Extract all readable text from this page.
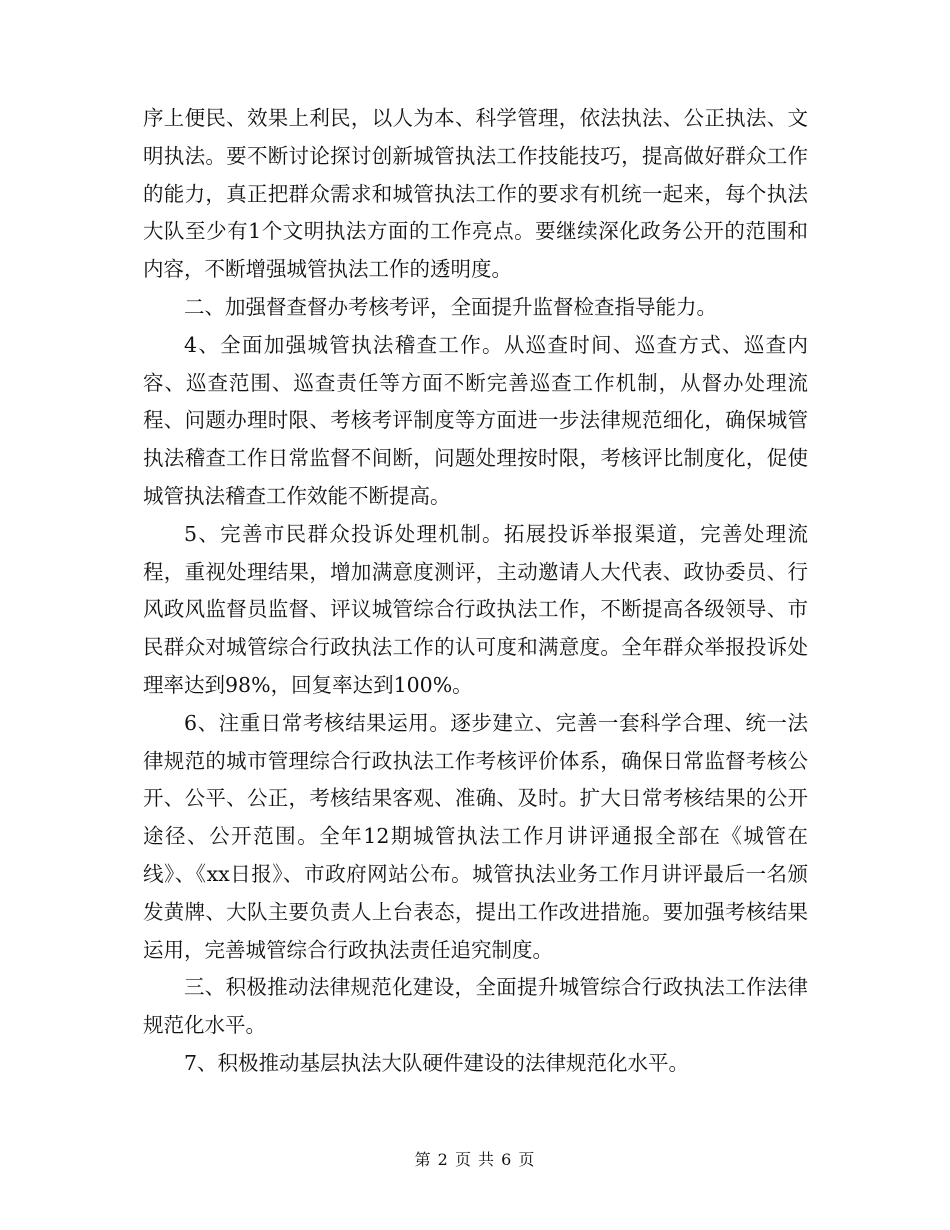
序上便民、效果上利民，以人为本、科学管理，依法执法、公正执法、文明执法。要不断讨论探讨创新城管执法工作技能技巧，提高做好群众工作的能力，真正把群众需求和城管执法工作的要求有机统一起来，每个执法大队至少有1个文明执法方面的工作亮点。要继续深化政务公开的范围和内容，不断增强城管执法工作的透明度。

二、加强督查督办考核考评，全面提升监督检查指导能力。

4、全面加强城管执法稽查工作。从巡查时间、巡查方式、巡查内容、巡查范围、巡查责任等方面不断完善巡查工作机制，从督办处理流程、问题办理时限、考核考评制度等方面进一步法律规范细化，确保城管执法稽查工作日常监督不间断，问题处理按时限，考核评比制度化，促使城管执法稽查工作效能不断提高。

5、完善市民群众投诉处理机制。拓展投诉举报渠道，完善处理流程，重视处理结果，增加满意度测评，主动邀请人大代表、政协委员、行风政风监督员监督、评议城管综合行政执法工作，不断提高各级领导、市民群众对城管综合行政执法工作的认可度和满意度。全年群众举报投诉处理率达到98%，回复率达到100%。

6、注重日常考核结果运用。逐步建立、完善一套科学合理、统一法律规范的城市管理综合行政执法工作考核评价体系，确保日常监督考核公开、公平、公正，考核结果客观、准确、及时。扩大日常考核结果的公开途径、公开范围。全年12期城管执法工作月讲评通报全部在《城管在线》、《xx日报》、市政府网站公布。城管执法业务工作月讲评最后一名颁发黄牌、大队主要负责人上台表态，提出工作改进措施。要加强考核结果运用，完善城管综合行政执法责任追究制度。

三、积极推动法律规范化建设，全面提升城管综合行政执法工作法律规范化水平。

7、积极推动基层执法大队硬件建设的法律规范化水平。

第 2 页 共 6 页
